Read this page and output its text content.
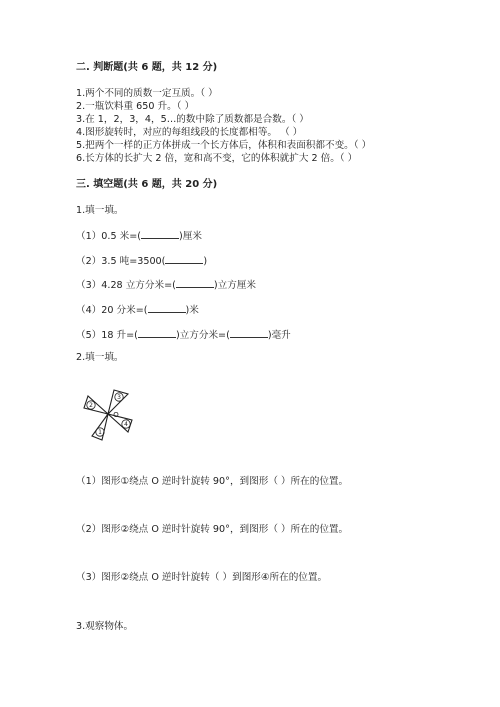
二. 判断题(共 6 题，共 12 分)
1.两个不同的质数一定互质。（ ）
2.一瓶饮料重 650 升。（ ）
3.在 1，2，3，4，5…的数中除了质数都是合数。（ ）
4.图形旋转时，对应的每组线段的长度都相等。 （ ）
5.把两个一样的正方体拼成一个长方体后，体积和表面积都不变。（ ）
6.长方体的长扩大 2 倍，宽和高不变，它的体积就扩大 2 倍。（ ）
三. 填空题(共 6 题，共 20 分)
1.填一填。
（1）0.5 米=(	)厘米
（2）3.5 吨=3500(	)
（3）4.28 立方分米=(	)立方厘米
（4）20 分米=(	)米
（5）18 升=(	)立方分米=(	)毫升
2.填一填。
3
2
4
1
O
（1）图形①绕点 O 逆时针旋转 90°，到图形（ ）所在的位置。
（2）图形②绕点 O 逆时针旋转 90°，到图形（ ）所在的位置。
（3）图形②绕点 O 逆时针旋转（ ）到图形④所在的位置。
3.观察物体。
